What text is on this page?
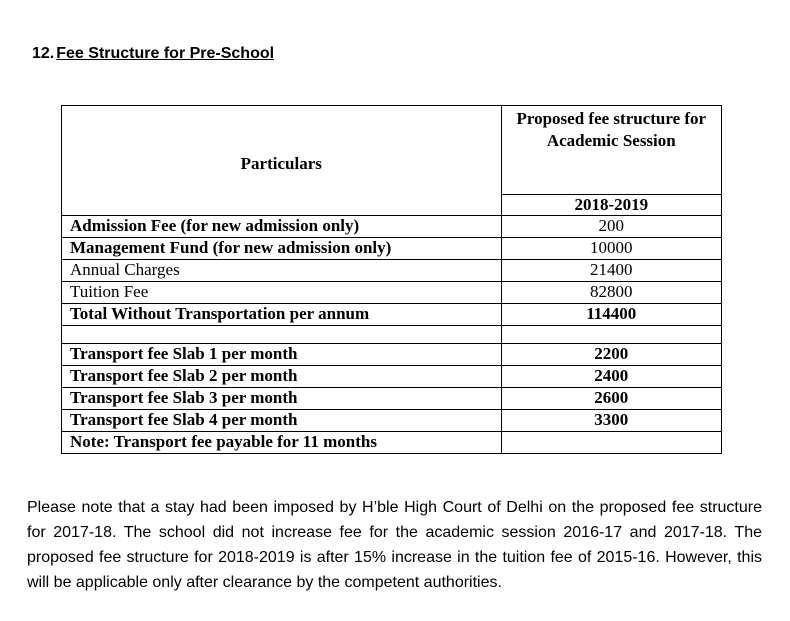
12. Fee Structure for Pre-School
Particulars	Proposed fee structure for Academic Session
	2018-2019
Admission Fee (for new admission only)	200
Management Fund (for new admission only)	10000
Annual Charges	21400
Tuition Fee	82800
Total Without Transportation per annum	114400

Transport fee Slab 1 per month	2200
Transport fee Slab 2 per month	2400
Transport fee Slab 3 per month	2600
Transport fee Slab 4 per month	3300
Note: Transport fee payable for 11 months	

Please note that a stay had been imposed by H’ble High Court of Delhi on the proposed fee structure for 2017-18. The school did not increase fee for the academic session 2016-17 and 2017-18. The proposed fee structure for 2018-2019 is after 15% increase in the tuition fee of 2015-16. However, this will be applicable only after clearance by the competent authorities.
